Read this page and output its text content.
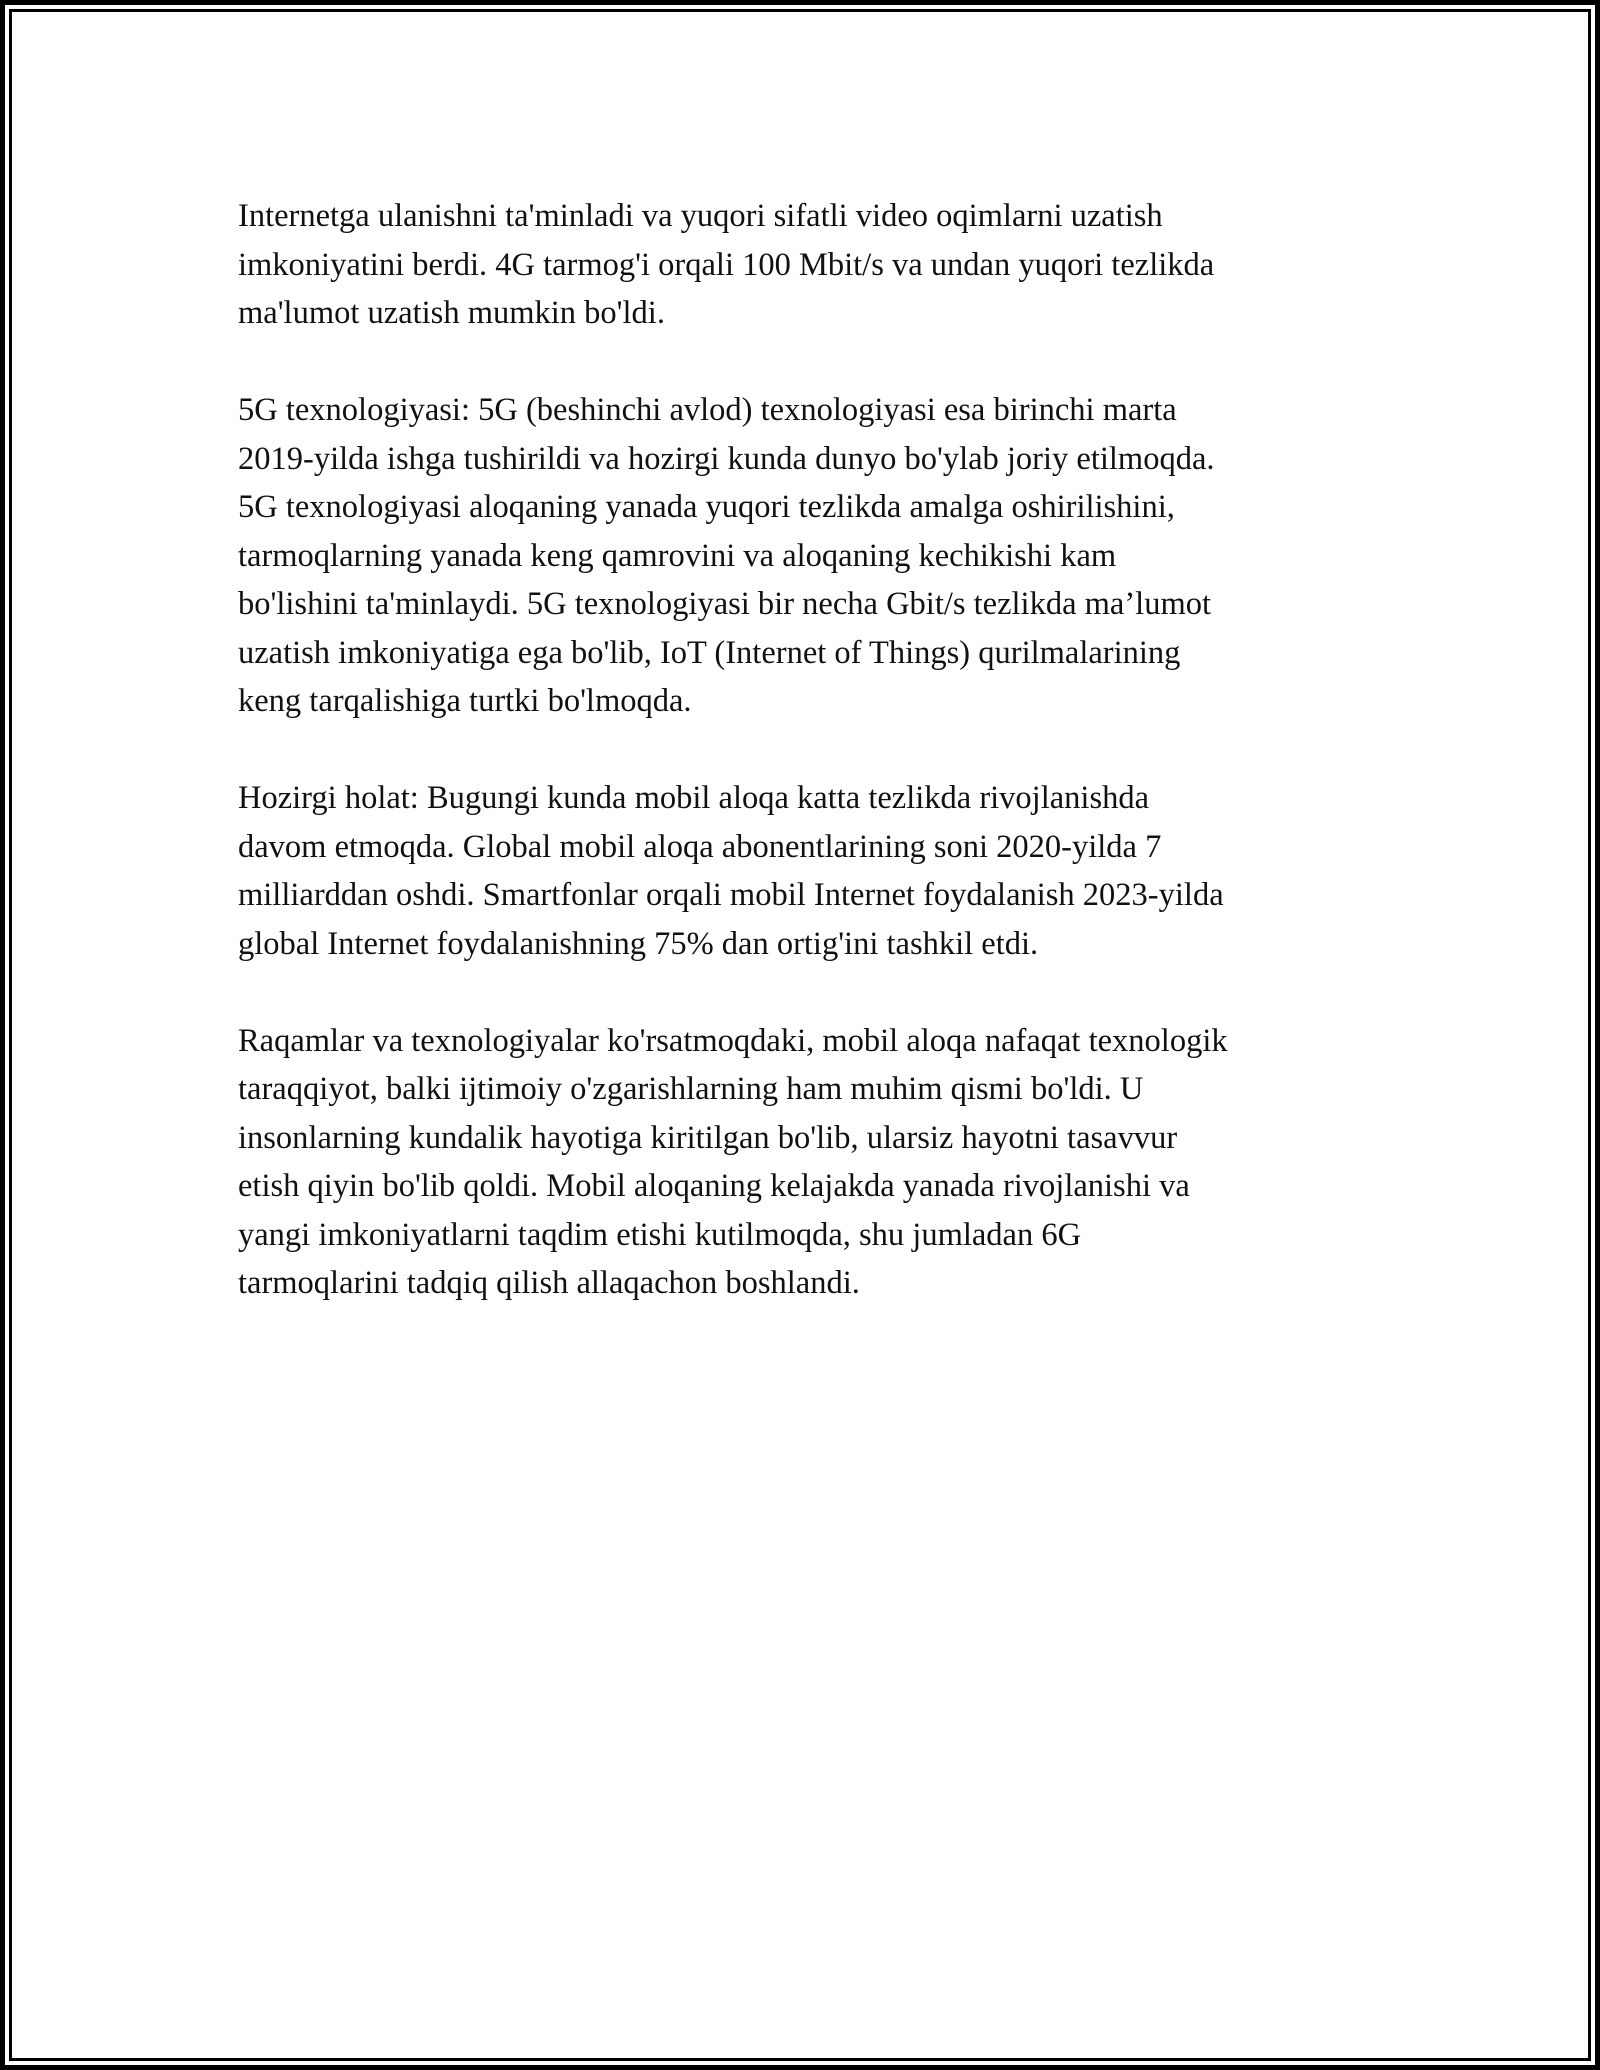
Internetga ulanishni ta'minladi va yuqori sifatli video oqimlarni uzatish
imkoniyatini berdi. 4G tarmog'i orqali 100 Mbit/s va undan yuqori tezlikda
ma'lumot uzatish mumkin bo'ldi.

5G texnologiyasi: 5G (beshinchi avlod) texnologiyasi esa birinchi marta
2019-yilda ishga tushirildi va hozirgi kunda dunyo bo'ylab joriy etilmoqda.
5G texnologiyasi aloqaning yanada yuqori tezlikda amalga oshirilishini,
tarmoqlarning yanada keng qamrovini va aloqaning kechikishi kam
bo'lishini ta'minlaydi. 5G texnologiyasi bir necha Gbit/s tezlikda ma’lumot
uzatish imkoniyatiga ega bo'lib, IoT (Internet of Things) qurilmalarining
keng tarqalishiga turtki bo'lmoqda.

Hozirgi holat: Bugungi kunda mobil aloqa katta tezlikda rivojlanishda
davom etmoqda. Global mobil aloqa abonentlarining soni 2020-yilda 7
milliarddan oshdi. Smartfonlar orqali mobil Internet foydalanish 2023-yilda
global Internet foydalanishning 75% dan ortig'ini tashkil etdi.

Raqamlar va texnologiyalar ko'rsatmoqdaki, mobil aloqa nafaqat texnologik
taraqqiyot, balki ijtimoiy o'zgarishlarning ham muhim qismi bo'ldi. U
insonlarning kundalik hayotiga kiritilgan bo'lib, ularsiz hayotni tasavvur
etish qiyin bo'lib qoldi. Mobil aloqaning kelajakda yanada rivojlanishi va
yangi imkoniyatlarni taqdim etishi kutilmoqda, shu jumladan 6G
tarmoqlarini tadqiq qilish allaqachon boshlandi.
